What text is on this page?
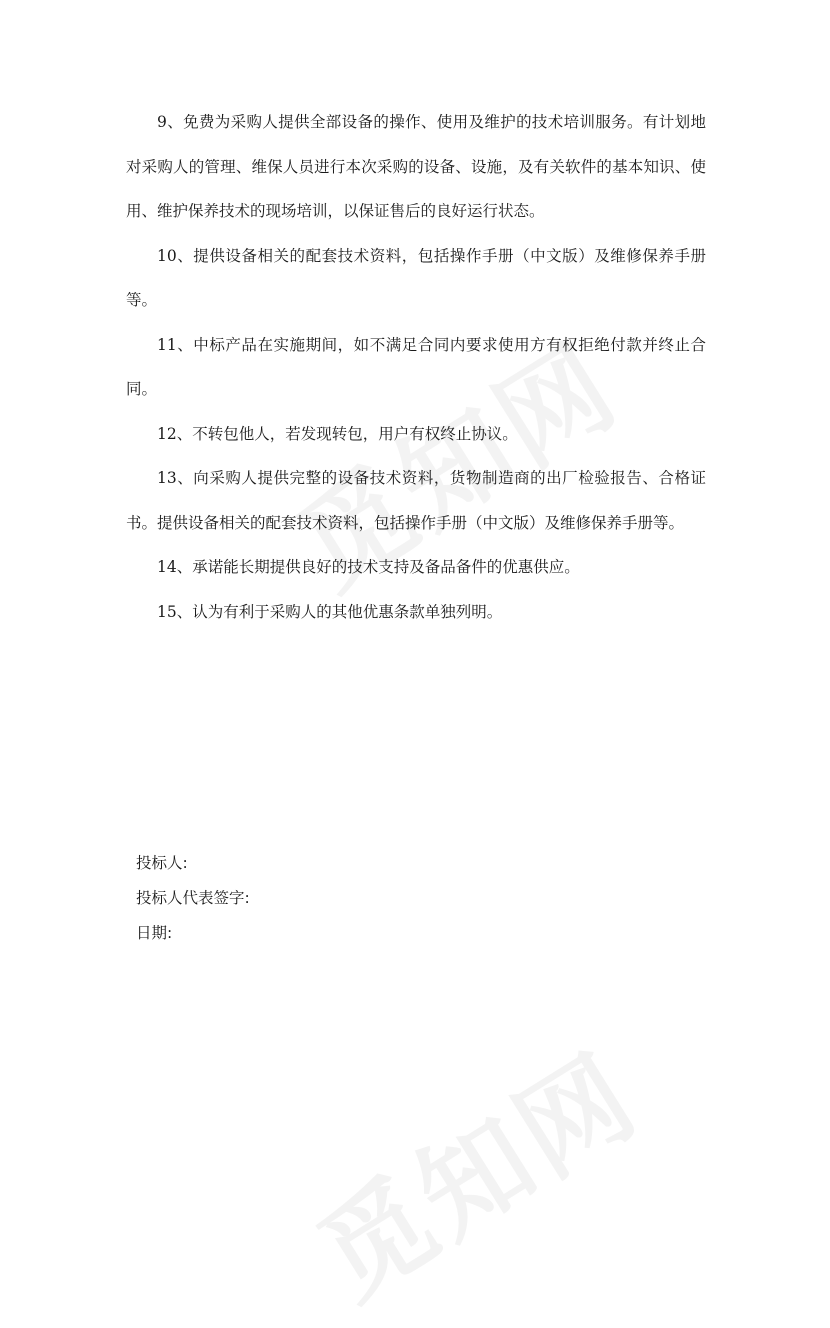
9、免费为采购人提供全部设备的操作、使用及维护的技术培训服务。有计划地对采购人的管理、维保人员进行本次采购的设备、设施，及有关软件的基本知识、使用、维护保养技术的现场培训，以保证售后的良好运行状态。

10、提供设备相关的配套技术资料，包括操作手册（中文版）及维修保养手册等。

11、中标产品在实施期间，如不满足合同内要求使用方有权拒绝付款并终止合同。

12、不转包他人，若发现转包，用户有权终止协议。

13、向采购人提供完整的设备技术资料，货物制造商的出厂检验报告、合格证书。提供设备相关的配套技术资料，包括操作手册（中文版）及维修保养手册等。

14、承诺能长期提供良好的技术支持及备品备件的优惠供应。

15、认为有利于采购人的其他优惠条款单独列明。

投标人:

投标人代表签字:

日期:
